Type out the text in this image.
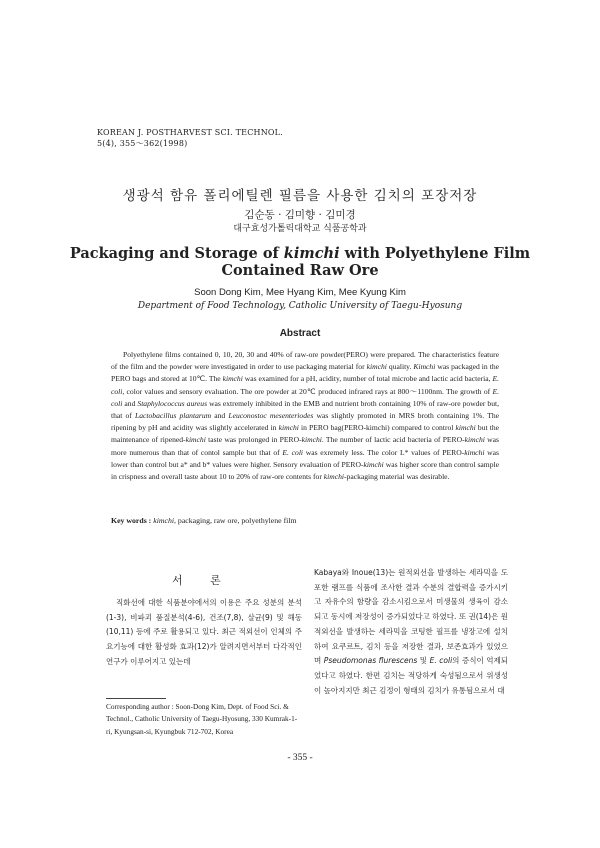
KOREAN J. POSTHARVEST SCI. TECHNOL.
5(4), 355～362(1998)
생광석 함유 폴리에틸렌 필름을 사용한 김치의 포장저장
김순동 · 김미향 · 김미경
대구효성가톨릭대학교 식품공학과
Packaging and Storage of kimchi with Polyethylene Film
Contained Raw Ore
Soon Dong Kim, Mee Hyang Kim, Mee Kyung Kim
Department of Food Technology, Catholic University of Taegu-Hyosung
Abstract

Polyethylene films contained 0, 10, 20, 30 and 40% of raw-ore powder(PERO) were prepared. The characteristics feature of the film and the powder were investigated in order to use packaging material for kimchi quality. Kimchi was packaged in the PERO bags and stored at 10℃. The kimchi was examined for a pH, acidity, number of total microbe and lactic acid bacteria, E. coli, color values and sensory evaluation. The ore powder at 20℃ produced infrared rays at 800～1100nm. The growth of E. coli and Staphylococcus aureus was extremely inhibited in the EMB and nutrient broth containing 10% of raw-ore powder but, that of Lactobacillus plantarum and Leuconostoc mesenteriodes was slightly promoted in MRS broth containing 1%. The ripening by pH and acidity was slightly accelerated in kimchi in PERO bag(PERO-kimchi) compared to control kimchi but the maintenance of ripened-kimchi taste was prolonged in PERO-kimchi. The number of lactic acid bacteria of PERO-kimchi was more numerous than that of contol sample but that of E. coli was exremely less. The color L* values of PERO-kimchi was lower than control but a* and b* values were higher. Sensory evaluation of PERO-kimchi was higher score than control sample in crispness and overall taste about 10 to 20% of raw-ore contents for kimchi-packaging material was desirable.

Key words : kimchi, packaging, raw ore, polyethylene film
서 론

직화선에 대한 식품분야에서의 이용은 주요 성분의 분석(1-3), 비파괴 품질분석(4-6), 건조(7,8), 살균(9) 및 해동(10,11) 등에 주로 활용되고 있다. 최근 적외선이 인체의 주요기능에 대한 활성화 효과(12)가 알려지면서부터 다각적인 연구가 이루어지고 있는데

Corresponding author : Soon-Dong Kim, Dept. of Food Sci. & Technol., Catholic University of Taegu-Hyosung, 330 Kumrak-1-ri, Kyungsan-si, Kyungbuk 712-702, Korea

Kabaya와 Inoue(13)는 원적외선을 발생하는 세라믹을 도포한 램프를 식품에 조사한 결과 수분의 결합력을 증가시키고 자유수의 함량을 감소시킴으로서 미생물의 생육이 감소되고 동시에 저장성이 증가되었다고 하였다. 또 권(14)은 원적외선을 발생하는 세라믹을 코팅한 필프를 냉장고에 설치하여 요쿠르트, 김치 등을 저장한 결과, 보존효과가 있었으며 Pseudomonas flurescens 및 E. coli의 증식이 억제되었다고 하였다. 한편 김치는 적당하게 숙성됨으로서 위생성이 높아지지만 최근 김정이 형태의 김치가 유통됨으로서 대

- 355 -
